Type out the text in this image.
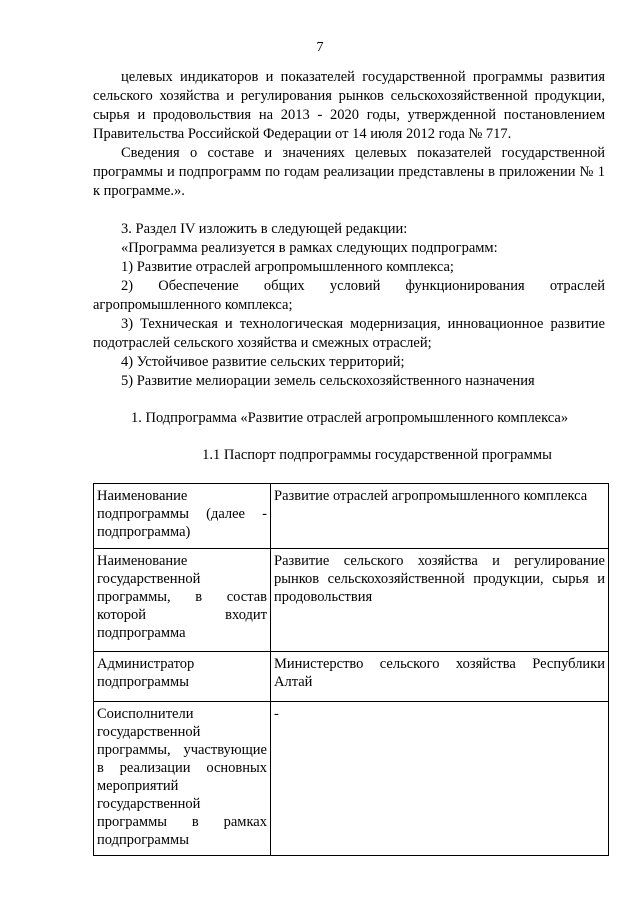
7

целевых индикаторов и показателей государственной программы развития сельского хозяйства и регулирования рынков сельскохозяйственной продукции, сырья и продовольствия на 2013 - 2020 годы, утвержденной постановлением Правительства Российской Федерации от 14 июля 2012 года № 717.

Сведения о составе и значениях целевых показателей государственной программы и подпрограмм по годам реализации представлены в приложении № 1 к программе.».

3. Раздел IV изложить в следующей редакции:

«Программа реализуется в рамках следующих подпрограмм:

1) Развитие отраслей агропромышленного комплекса;

2) Обеспечение общих условий функционирования отраслей агропромышленного комплекса;

3) Техническая и технологическая модернизация, инновационное развитие подотраслей сельского хозяйства и смежных отраслей;

4) Устойчивое развитие сельских территорий;

5) Развитие мелиорации земель сельскохозяйственного назначения

1. Подпрограмма «Развитие отраслей агропромышленного комплекса»

1.1 Паспорт подпрограммы государственной программы

Наименование подпрограммы (далее - подпрограмма)	Развитие отраслей агропромышленного комплекса
Наименование государственной программы, в состав которой входит подпрограмма	Развитие сельского хозяйства и регулирование рынков сельскохозяйственной продукции, сырья и продовольствия
Администратор подпрограммы	Министерство сельского хозяйства Республики Алтай
Соисполнители государственной программы, участвующие в реализации основных мероприятий государственной программы в рамках подпрограммы	-
